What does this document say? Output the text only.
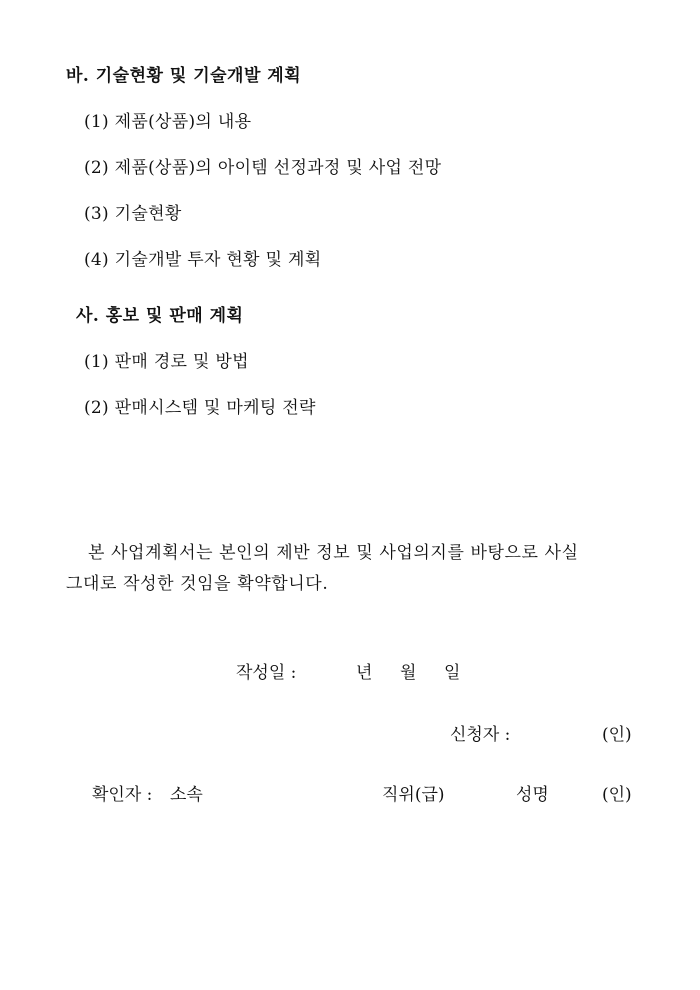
바. 기술현황 및 기술개발 계획
(1) 제품(상품)의 내용
(2) 제품(상품)의 아이템 선정과정 및 사업 전망
(3) 기술현황
(4) 기술개발 투자 현황 및 계획
사. 홍보 및 판매 계획
(1) 판매 경로 및 방법
(2) 판매시스템 및 마케팅 전략
본 사업계획서는 본인의 제반 정보 및 사업의지를 바탕으로 사실
그대로 작성한 것임을 확약합니다.
작성일 :	년 월 일
신청자 :	(인)
확인자 : 소속	직위(급)	성명	(인)
